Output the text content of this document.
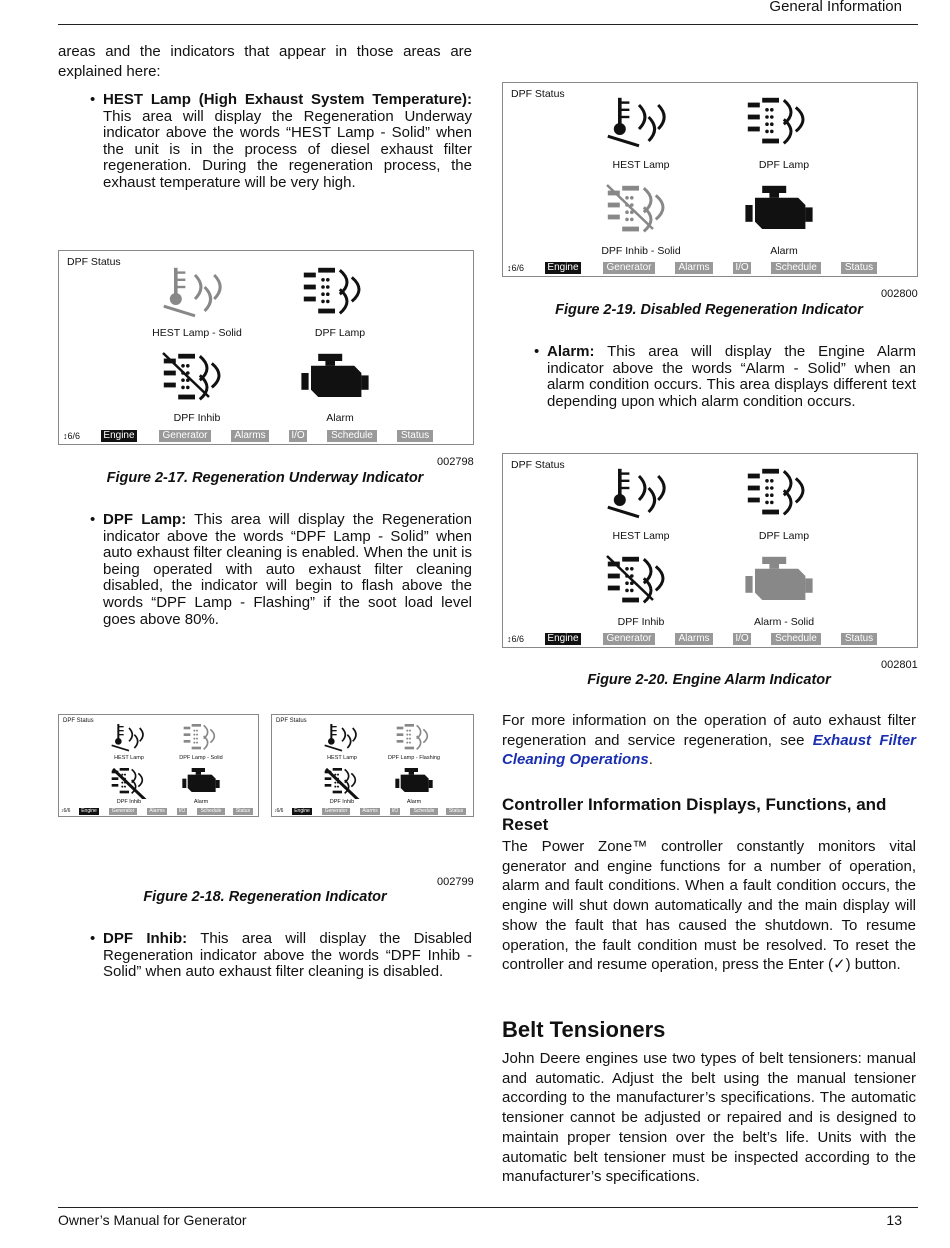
General Information
Owner’s Manual for Generator	13
areas and the indicators that appear in those areas are explained here:
• HEST Lamp (High Exhaust System Temperature): This area will display the Regeneration Underway indicator above the words “HEST Lamp - Solid” when the unit is in the process of diesel exhaust filter regeneration. During the regeneration process, the exhaust temperature will be very high.
DPF Status
HEST Lamp - Solid	DPF Lamp
DPF Inhib	Alarm
↕6/6 Engine	Generator	Alarms	I/O	Schedule	Status
002798
Figure 2-17. Regeneration Underway Indicator
• DPF Lamp: This area will display the Regeneration indicator above the words “DPF Lamp - Solid” when auto exhaust filter cleaning is enabled. When the unit is being operated with auto exhaust filter cleaning disabled, the indicator will begin to flash above the words “DPF Lamp - Flashing” if the soot load level goes above 80%.
DPF Status
HEST Lamp	DPF Lamp - Solid
DPF Inhib	Alarm
↕6/6	Engine	Generator	Alarms	I/O	Schedule	Status
DPF Status
HEST Lamp	DPF Lamp - Flashing
DPF Inhib	Alarm
↕6/6	Engine	Generator	Alarms	I/O	Schedule	Status
002799
Figure 2-18. Regeneration Indicator
• DPF Inhib: This area will display the Disabled Regeneration indicator above the words “DPF Inhib - Solid” when auto exhaust filter cleaning is disabled.
DPF Status
HEST Lamp	DPF Lamp
DPF Inhib - Solid	Alarm
↕6/6 Engine	Generator	Alarms	I/O	Schedule	Status
002800
Figure 2-19. Disabled Regeneration Indicator
• Alarm: This area will display the Engine Alarm indicator above the words “Alarm - Solid” when an alarm condition occurs. This area displays different text depending upon which alarm condition occurs.
DPF Status
HEST Lamp	DPF Lamp
DPF Inhib	Alarm - Solid
↕6/6 Engine	Generator	Alarms	I/O	Schedule	Status
002801
Figure 2-20. Engine Alarm Indicator
For more information on the operation of auto exhaust filter regeneration and service regeneration, see Exhaust Filter Cleaning Operations.
Controller Information Displays, Functions, and Reset
The Power Zone™ controller constantly monitors vital generator and engine functions for a number of operation, alarm and fault conditions. When a fault condition occurs, the engine will shut down automatically and the main display will show the fault that has caused the shutdown. To resume operation, the fault condition must be resolved. To reset the controller and resume operation, press the Enter (✓) button.
Belt Tensioners
John Deere engines use two types of belt tensioners: manual and automatic. Adjust the belt using the manual tensioner according to the manufacturer’s specifications. The automatic tensioner cannot be adjusted or repaired and is designed to maintain proper tension over the belt’s life. Units with the automatic belt tensioner must be inspected according to the manufacturer’s specifications.
